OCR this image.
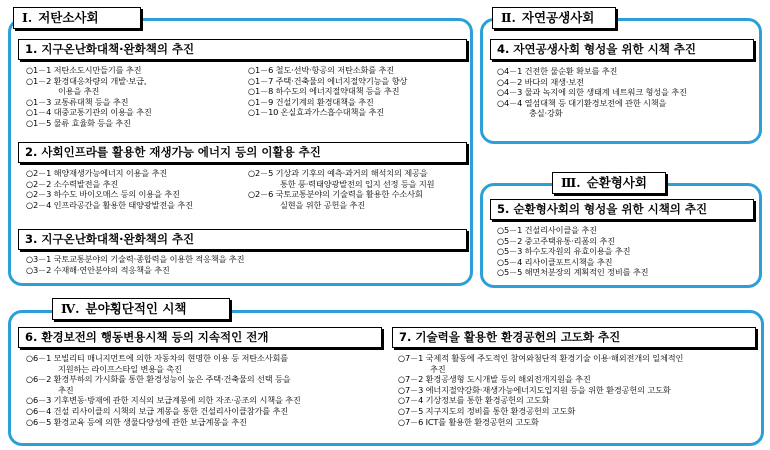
Ⅰ. 저탄소사회
1. 지구온난화대책·완화책의 추진
○1－1 저탄소도시만들기를 추진
○1－2 환경대응차량의 개발·보급,
이용을 추진
○1－3 교통류대책 등을 추진
○1－4 대중교통기관의 이용을 추진
○1－5 물류 효율화 등을 추진
○1－6 철도·선박·항공의 저탄소화를 추진
○1－7 주택·건축물의 에너지절약기능을 향상
○1－8 하수도의 에너지절약대책 등을 추진
○1－9 건설기계의 환경대책을 추진
○1－10 온실효과가스흡수대책을 추진
2. 사회인프라를 활용한 재생가능 에너지 등의 이활용 추진
○2－1 해양재생가능에너지 이용을 추진
○2－2 소수력발전을 추진
○2－3 하수도 바이오매스 등의 이용을 추진
○2－4 인프라공간을 활용한 태양광발전을 추진
○2－5 기상과 기후의 예측·과거의 해석치의 제공을
통한 풍·력태양광발전의 입지 선정 등을 지원
○2－6 국토교통분야의 기술력을 활용한 수소사회
실현을 위한 공헌을 추진
3. 지구온난화대책·완화책의 추진
○3－1 국토교통분야의 기술력·종합력을 이용한 적응책을 추진
○3－2 수재해·연안분야의 적응책을 추진
Ⅱ. 자연공생사회
4. 자연공생사회 형성을 위한 시책 추진
○4－1 건전한 물순환 확보를 추진
○4－2 바다의 재생·보전
○4－3 물과 녹지에 의한 생태계 네트워크 형성을 추진
○4－4 열섬대책 등 대기환경보전에 관한 시책을
충실·강화
Ⅲ. 순환형사회
5. 순환형사회의 형성을 위한 시책의 추진
○5－1 건설리사이클을 추진
○5－2 중고주택유통·리폼의 추진
○5－3 하수도자원의 유효이용을 추진
○5－4 리사이클포트시책을 추진
○5－5 해면처분장의 계획적인 정비를 추진
Ⅳ. 분야횡단적인 시책
6. 환경보전의 행동변용시책 등의 지속적인 전개
○6－1 모빌리티 매니지먼트에 의한 자동차의 현명한 이용 등 저탄소사회를
지원하는 라이프스타일 변용을 촉진
○6－2 환경부하의 가시화를 통한 환경성능이 높은 주택·건축물의 선택 등을
추진
○6－3 기후변동·방재에 관한 지식의 보급계몽에 의한 자조·공조의 시책을 추진
○6－4 건설 리사이클의 시책의 보급 계몽을 통한 건설리사이클참가를 추진
○6－5 환경교육 등에 의한 생물다양성에 관한 보급계몽을 추진
7. 기술력을 활용한 환경공헌의 고도화 추진
○7－1 국제적 활동에 주도적인 참여와첨단적 환경기술 이용·해외전개의 일체적인
추진
○7－2 환경공생형 도시개발 등의 해외전개지원을 추진
○7－3 에너지절약강화·재생가능에너지도입지원 등을 위한 환경공헌의 고도화
○7－4 기상정보를 통한 환경공헌의 고도화
○7－5 지구지도의 정비를 통한 환경공헌의 고도화
○7－6 ICT를 활용한 환경공헌의 고도화
